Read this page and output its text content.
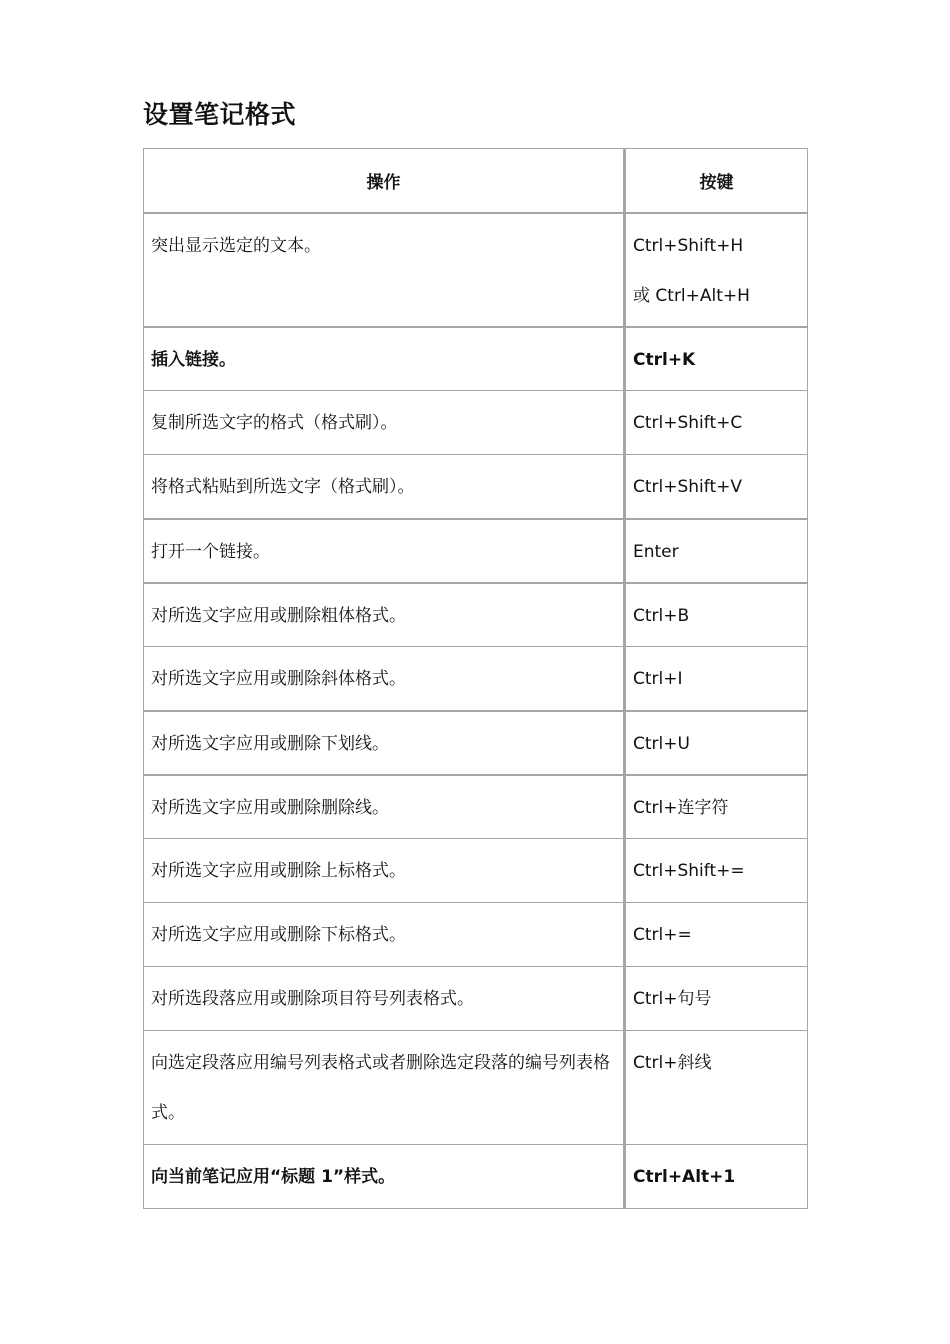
设置笔记格式
操作	按键
突出显示选定的文本。	Ctrl+Shift+H
或 Ctrl+Alt+H

插入链接。	Ctrl+K

复制所选文字的格式（格式刷）。	Ctrl+Shift+C

将格式粘贴到所选文字（格式刷）。	Ctrl+Shift+V

打开一个链接。	Enter

对所选文字应用或删除粗体格式。	Ctrl+B

对所选文字应用或删除斜体格式。	Ctrl+I

对所选文字应用或删除下划线。	Ctrl+U

对所选文字应用或删除删除线。	Ctrl+连字符

对所选文字应用或删除上标格式。	Ctrl+Shift+=

对所选文字应用或删除下标格式。	Ctrl+=

对所选段落应用或删除项目符号列表格式。	Ctrl+句号

向选定段落应用编号列表格式或者删除选定段落的编号列表格式。	Ctrl+斜线

向当前笔记应用“标题 1”样式。	Ctrl+Alt+1
